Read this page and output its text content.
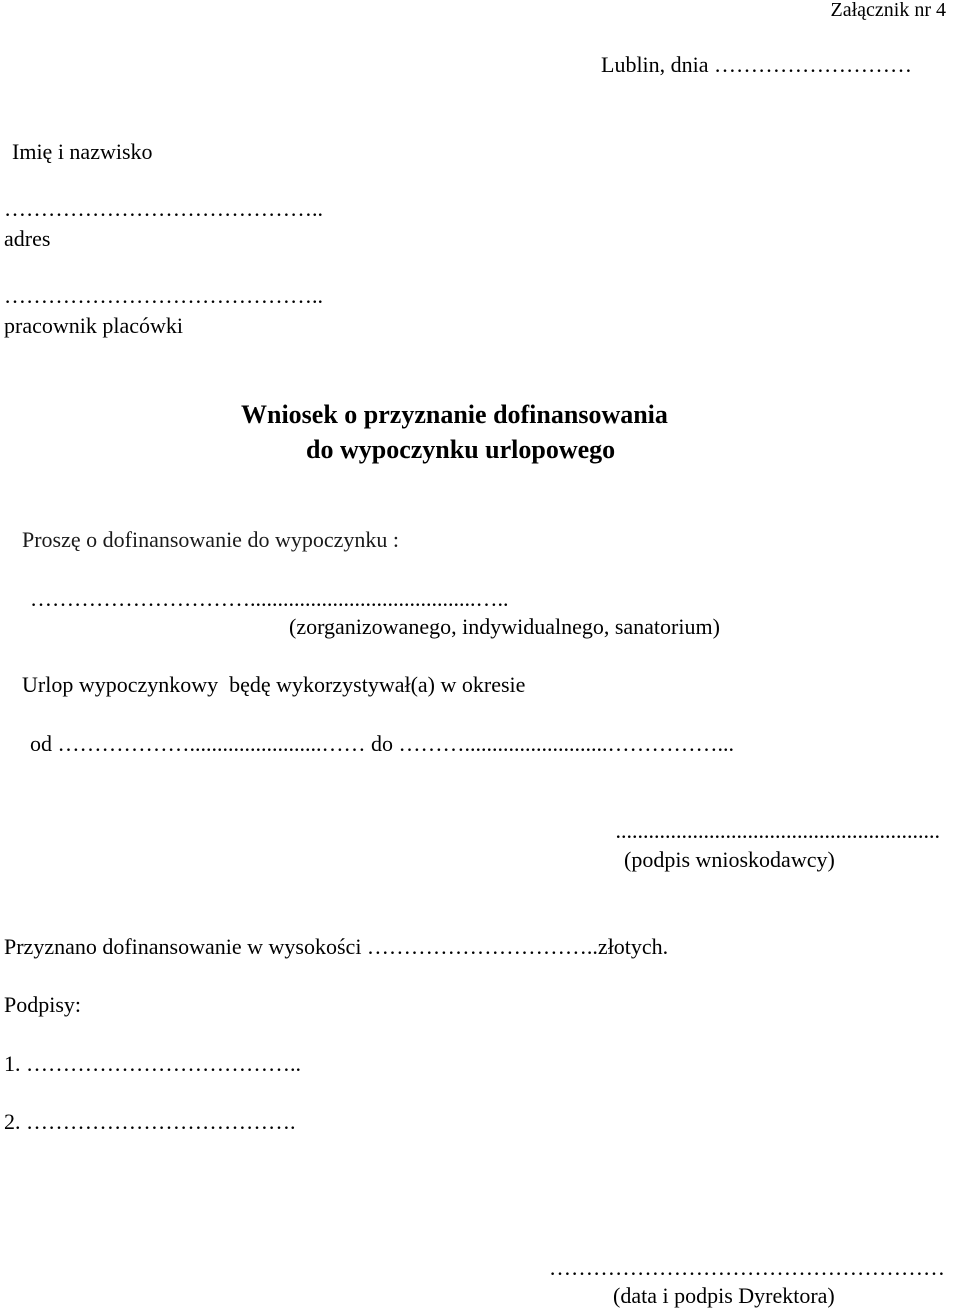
Załącznik nr 4
Lublin, dnia ………………………
Imię i nazwisko
……………………………………..
adres
……………………………………..
pracownik placówki
Wniosek o przyznanie dofinansowania
do wypoczynku urlopowego
Proszę o dofinansowanie do wypoczynku :
………………………….........................................…..
(zorganizowanego, indywidualnego, sanatorium)
Urlop wypoczynkowy  będę wykorzystywał(a) w okresie
od ………………........................…… do ………..........................……………...
...........................................................
(podpis wnioskodawcy)
Przyznano dofinansowanie w wysokości …………………………..złotych.
Podpisy:
1. ………………………………..
2. ……………………………….
………………………………………………
(data i podpis Dyrektora)
